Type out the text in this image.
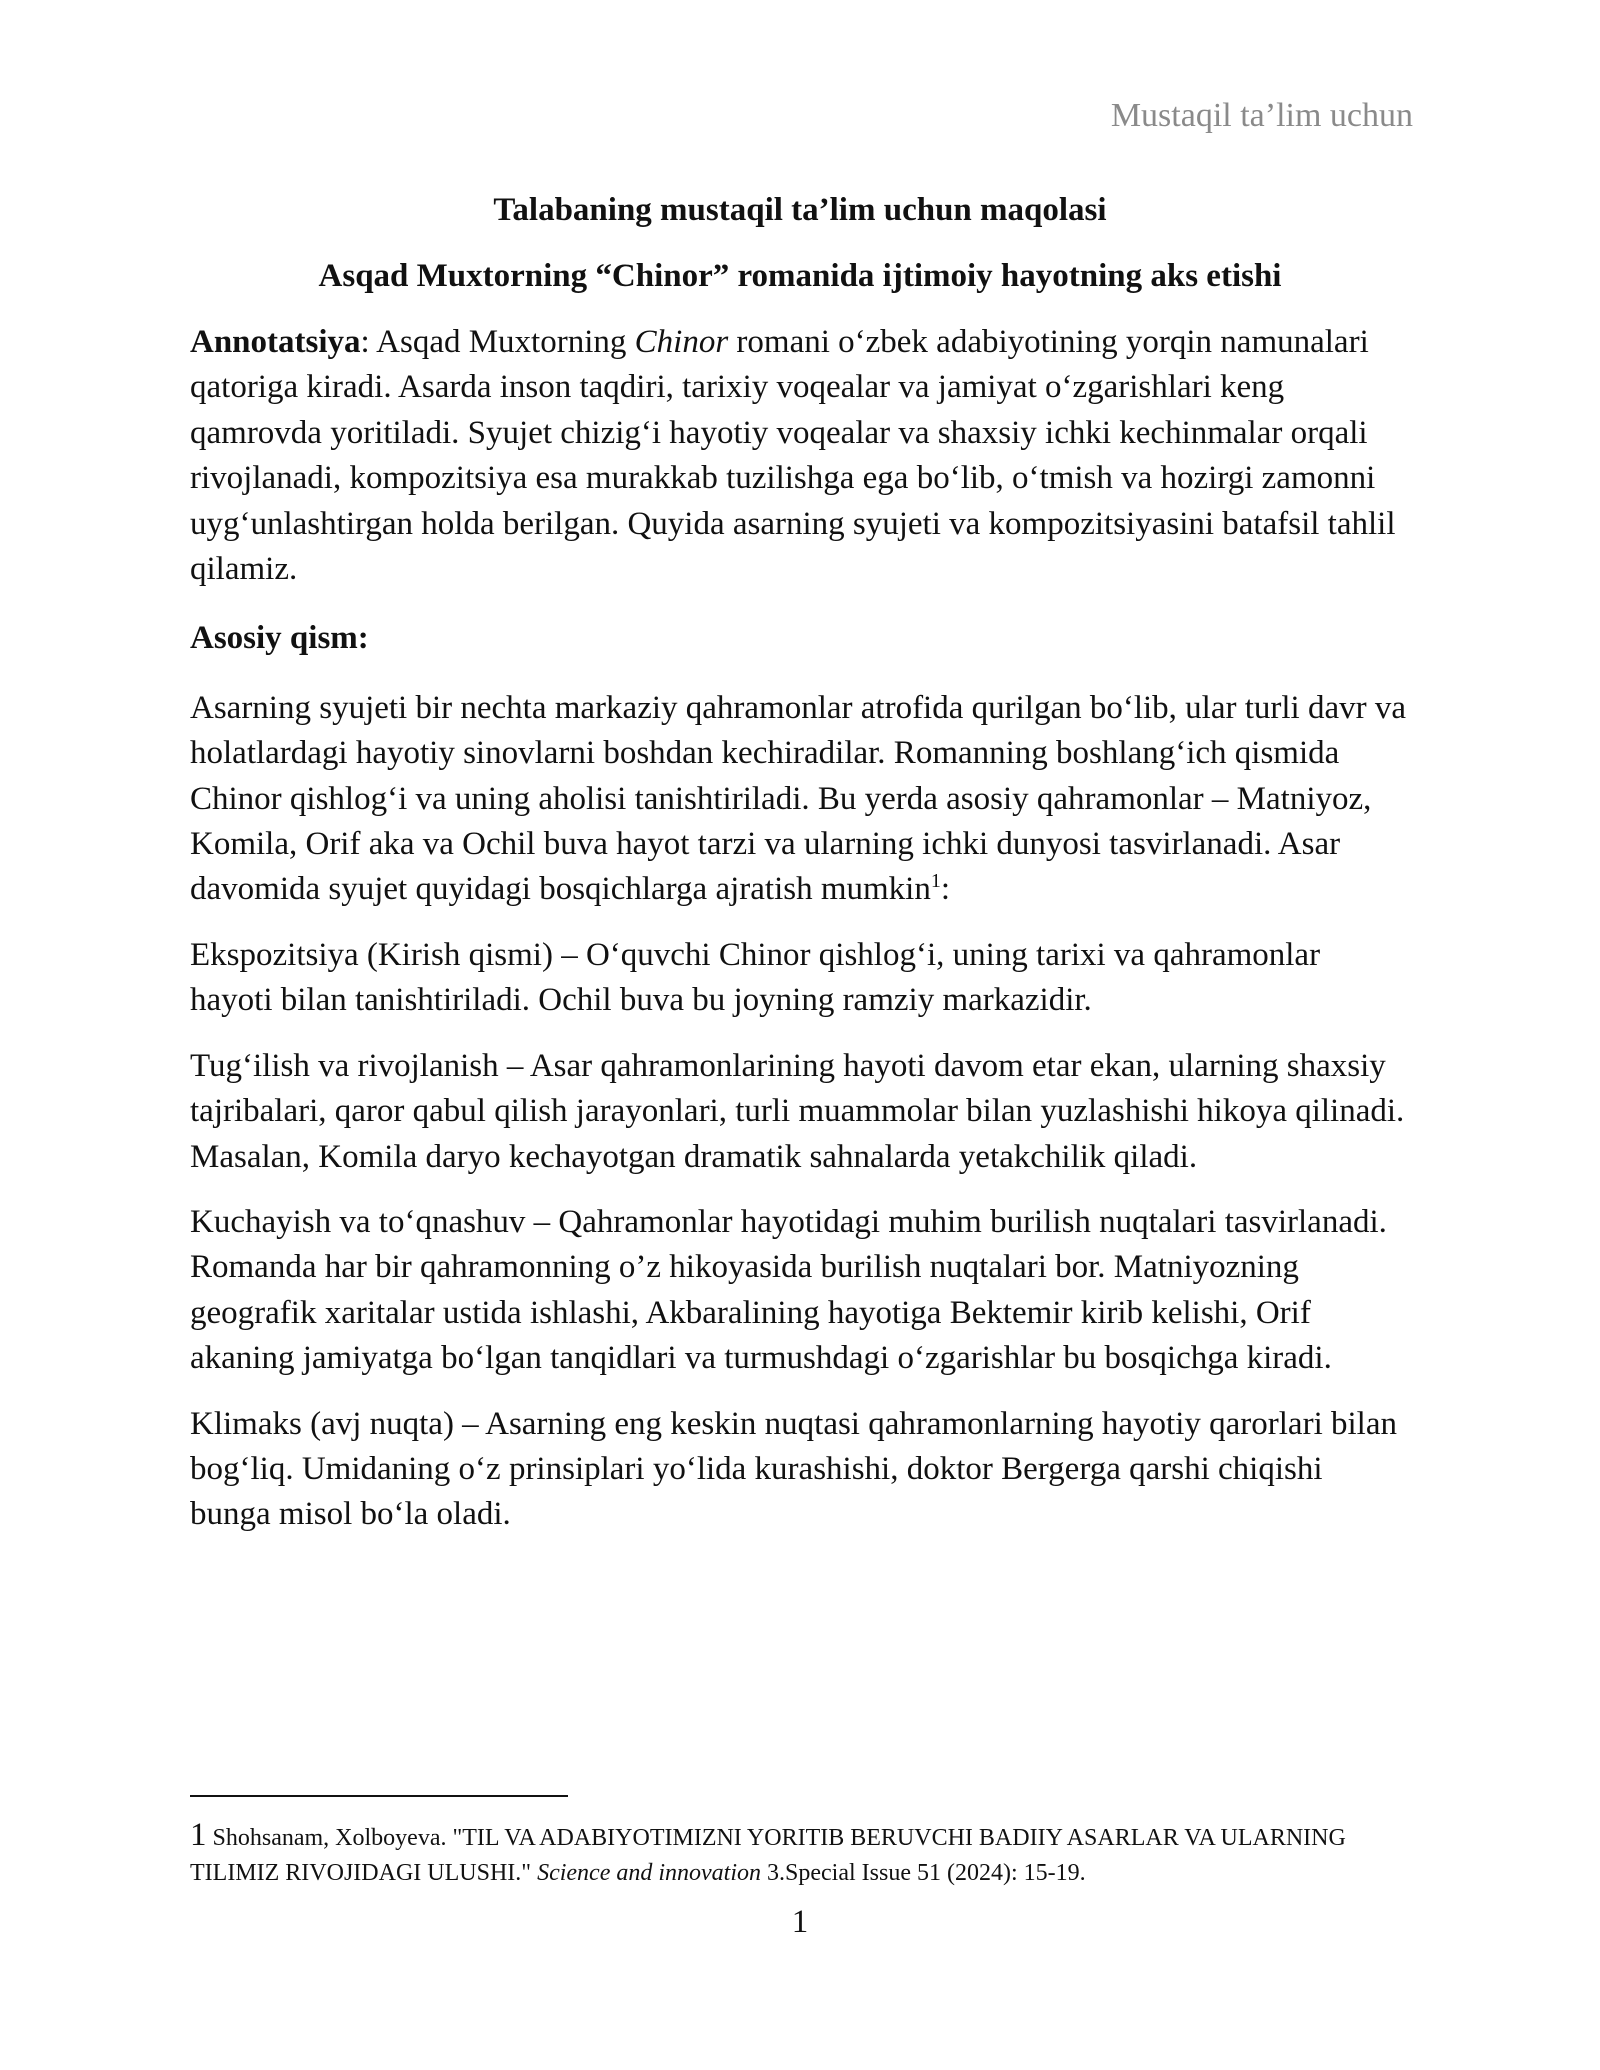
Mustaqil ta’lim uchun
Talabaning mustaqil ta’lim uchun maqolasi
Asqad Muxtorning “Chinor” romanida ijtimoiy hayotning aks etishi

Annotatsiya: Asqad Muxtorning Chinor romani oʻzbek adabiyotining yorqin namunalari qatoriga kiradi. Asarda inson taqdiri, tarixiy voqealar va jamiyat oʻzgarishlari keng qamrovda yoritiladi. Syujet chizigʻi hayotiy voqealar va shaxsiy ichki kechinmalar orqali rivojlanadi, kompozitsiya esa murakkab tuzilishga ega boʻlib, oʻtmish va hozirgi zamonni uygʻunlashtirgan holda berilgan. Quyida asarning syujeti va kompozitsiyasini batafsil tahlil qilamiz.

Asosiy qism:

Asarning syujeti bir nechta markaziy qahramonlar atrofida qurilgan boʻlib, ular turli davr va holatlardagi hayotiy sinovlarni boshdan kechiradilar. Romanning boshlangʻich qismida Chinor qishlogʻi va uning aholisi tanishtiriladi. Bu yerda asosiy qahramonlar – Matniyoz, Komila, Orif aka va Ochil buva hayot tarzi va ularning ichki dunyosi tasvirlanadi. Asar davomida syujet quyidagi bosqichlarga ajratish mumkin$^1$:

Ekspozitsiya (Kirish qismi) – Oʻquvchi Chinor qishlogʻi, uning tarixi va qahramonlar hayoti bilan tanishtiriladi. Ochil buva bu joyning ramziy markazidir.

Tugʻilish va rivojlanish – Asar qahramonlarining hayoti davom etar ekan, ularning shaxsiy tajribalari, qaror qabul qilish jarayonlari, turli muammolar bilan yuzlashishi hikoya qilinadi. Masalan, Komila daryo kechayotgan dramatik sahnalarda yetakchilik qiladi.

Kuchayish va toʻqnashuv – Qahramonlar hayotidagi muhim burilish nuqtalari tasvirlanadi. Romanda har bir qahramonning o’z hikoyasida burilish nuqtalari bor. Matniyozning geografik xaritalar ustida ishlashi, Akbaralining hayotiga Bektemir kirib kelishi, Orif akaning jamiyatga boʻlgan tanqidlari va turmushdagi oʻzgarishlar bu bosqichga kiradi.

Klimaks (avj nuqta) – Asarning eng keskin nuqtasi qahramonlarning hayotiy qarorlari bilan bogʻliq. Umidaning oʻz prinsiplari yoʻlida kurashishi, doktor Bergerga qarshi chiqishi bunga misol boʻla oladi.

1 Shohsanam, Xolboyeva. "TIL VA ADABIYOTIMIZNI YORITIB BERUVCHI BADIIY ASARLAR VA ULARNING TILIMIZ RIVOJIDAGI ULUSHI." Science and innovation 3.Special Issue 51 (2024): 15-19.
1
